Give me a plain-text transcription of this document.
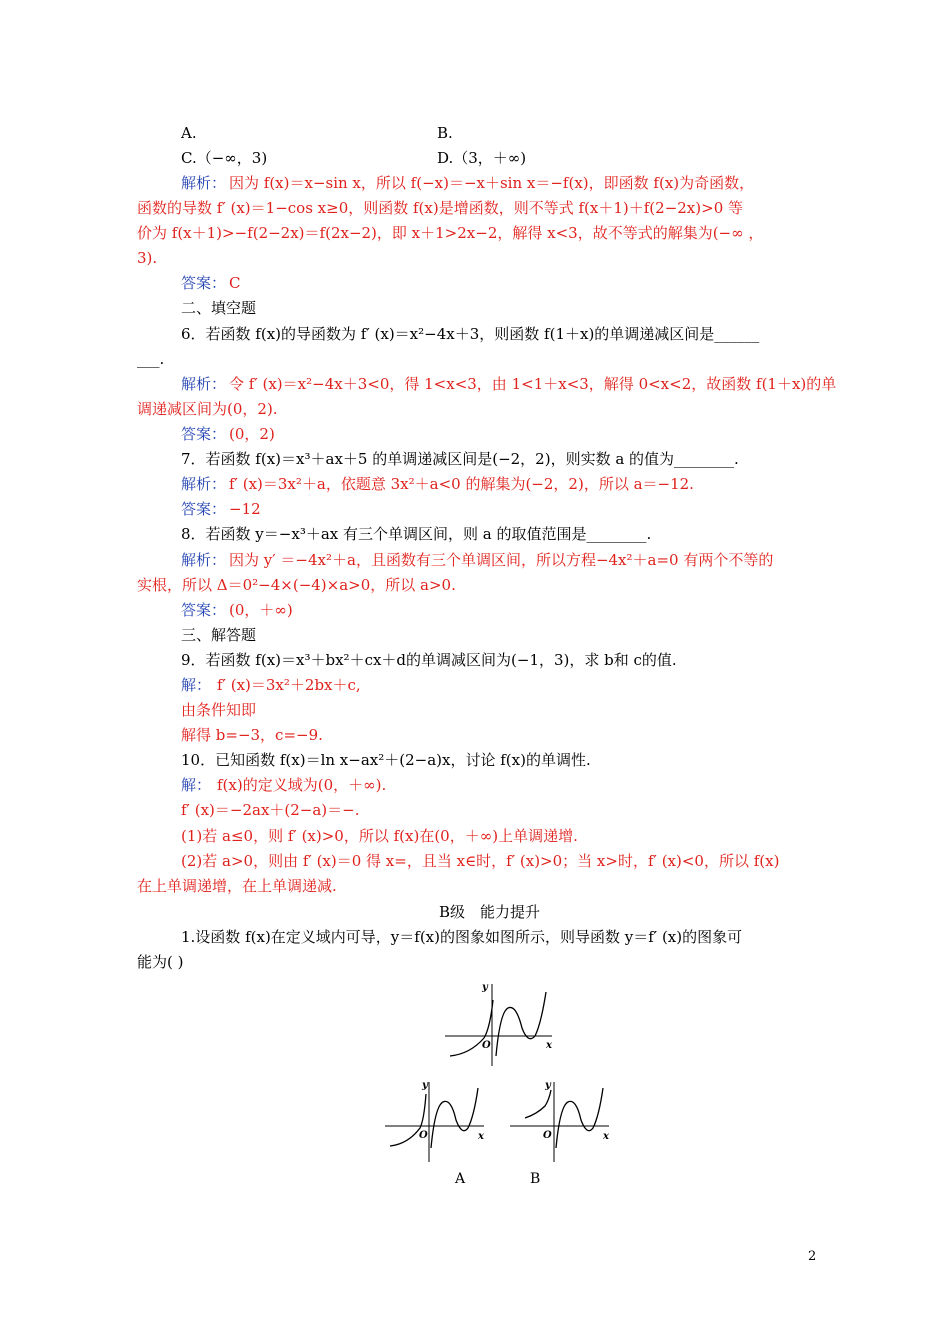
A.	B.
C.（−∞，3)	D.（3，＋∞)
解析： 因为 f(x)＝x−sin x，所以 f(−x)＝−x＋sin x＝−f(x)，即函数 f(x)为奇函数，
函数的导数 f′ (x)＝1−cos x≥0，则函数 f(x)是增函数，则不等式 f(x＋1)＋f(2−2x)>0 等
价为 f(x＋1)>−f(2−2x)＝f(2x−2)，即 x＋1>2x−2，解得 x<3，故不等式的解集为(−∞ ，
3).
答案： C
二、填空题
6．若函数 f(x)的导函数为 f′ (x)＝x²−4x＋3，则函数 f(1＋x)的单调递减区间是______
___.
解析： 令 f′ (x)＝x²−4x＋3<0，得 1<x<3，由 1<1＋x<3，解得 0<x<2，故函数 f(1＋x)的单
调递减区间为(0，2).
答案： (0，2)
7．若函数 f(x)＝x³＋ax＋5 的单调递减区间是(−2，2)，则实数 a 的值为________.
解析： f′ (x)＝3x²＋a，依题意 3x²＋a<0 的解集为(−2，2)，所以 a＝−12.
答案： −12
8．若函数 y＝−x³＋ax 有三个单调区间，则 a 的取值范围是________.
解析： 因为 y′ ＝−4x²＋a，且函数有三个单调区间，所以方程−4x²＋a=0 有两个不等的
实根，所以 Δ＝0²−4×(−4)×a>0，所以 a>0.
答案： (0，＋∞)
三、解答题
9．若函数 f(x)＝x³＋bx²＋cx＋d的单调减区间为(−1，3)，求 b和 c的值.
解： f′ (x)＝3x²＋2bx＋c,
由条件知即
解得 b=−3，c=−9.
10．已知函数 f(x)＝ln x−ax²＋(2−a)x，讨论 f(x)的单调性.
解： f(x)的定义域为(0，＋∞).
f′ (x)＝−2ax＋(2−a)＝−.
(1)若 a≤0，则 f′ (x)>0，所以 f(x)在(0，＋∞)上单调递增.
(2)若 a>0，则由 f′ (x)＝0 得 x=，且当 x∈时，f′ (x)>0；当 x>时，f′ (x)<0，所以 f(x)
在上单调递增，在上单调递减.
B级　能力提升
1.设函数 f(x)在定义域内可导，y＝f(x)的图象如图所示，则导函数 y＝f′ (x)的图象可
能为( )
y
O	x
y
O	x
y
O	x
A	B
2
